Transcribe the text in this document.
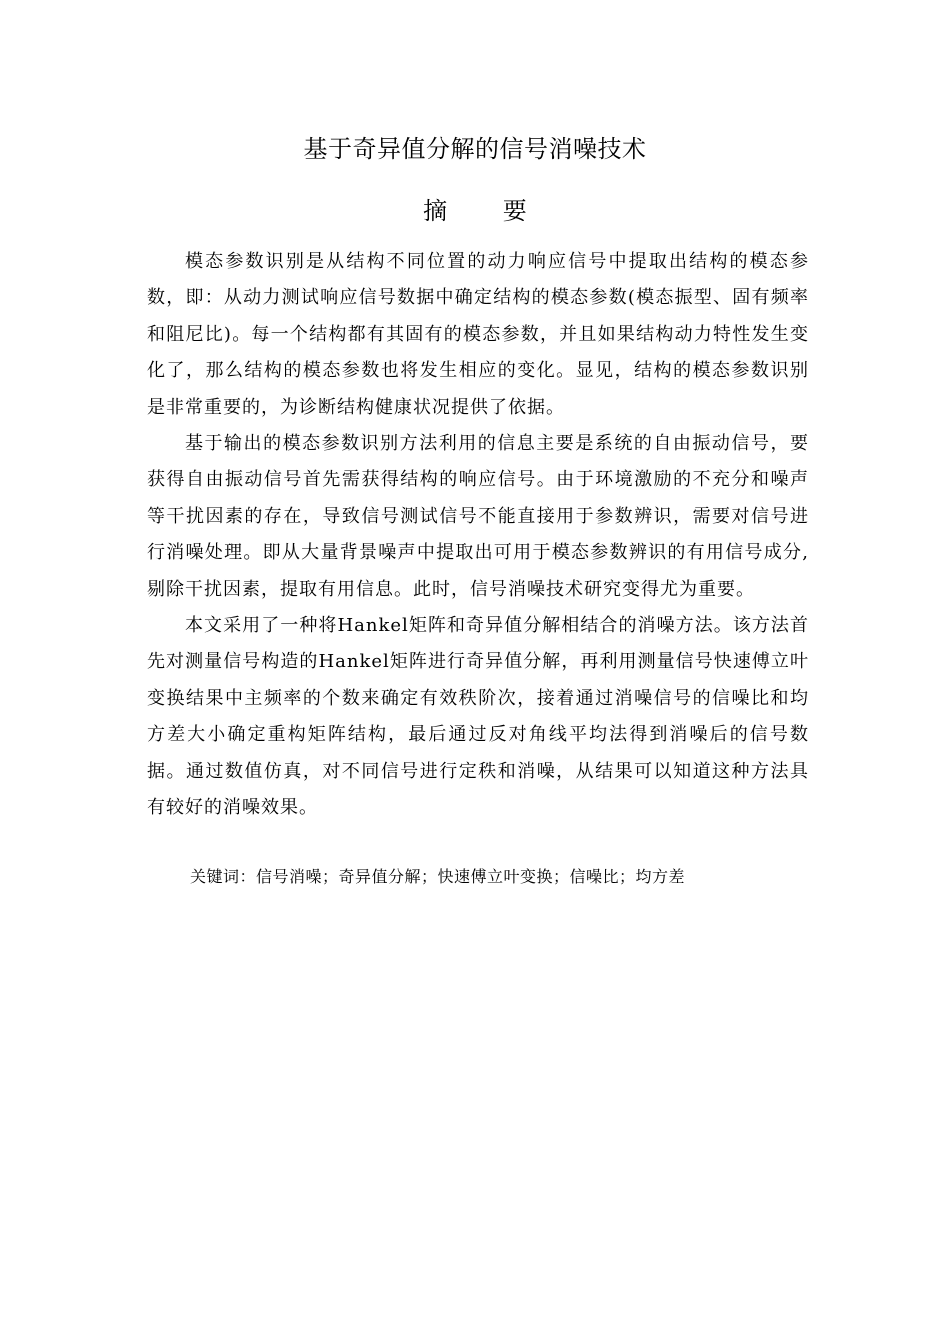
基于奇异值分解的信号消噪技术
摘 要

模态参数识别是从结构不同位置的动力响应信号中提取出结构的模态参数，即：从动力测试响应信号数据中确定结构的模态参数(模态振型、固有频率和阻尼比)。每一个结构都有其固有的模态参数，并且如果结构动力特性发生变化了，那么结构的模态参数也将发生相应的变化。显见，结构的模态参数识别是非常重要的，为诊断结构健康状况提供了依据。

基于输出的模态参数识别方法利用的信息主要是系统的自由振动信号，要获得自由振动信号首先需获得结构的响应信号。由于环境激励的不充分和噪声等干扰因素的存在，导致信号测试信号不能直接用于参数辨识，需要对信号进行消噪处理。即从大量背景噪声中提取出可用于模态参数辨识的有用信号成分,剔除干扰因素，提取有用信息。此时，信号消噪技术研究变得尤为重要。

本文采用了一种将Hankel矩阵和奇异值分解相结合的消噪方法。该方法首先对测量信号构造的Hankel矩阵进行奇异值分解，再利用测量信号快速傅立叶变换结果中主频率的个数来确定有效秩阶次，接着通过消噪信号的信噪比和均方差大小确定重构矩阵结构，最后通过反对角线平均法得到消噪后的信号数据。通过数值仿真，对不同信号进行定秩和消噪，从结果可以知道这种方法具有较好的消噪效果。

关键词：信号消噪；奇异值分解；快速傅立叶变换；信噪比；均方差
